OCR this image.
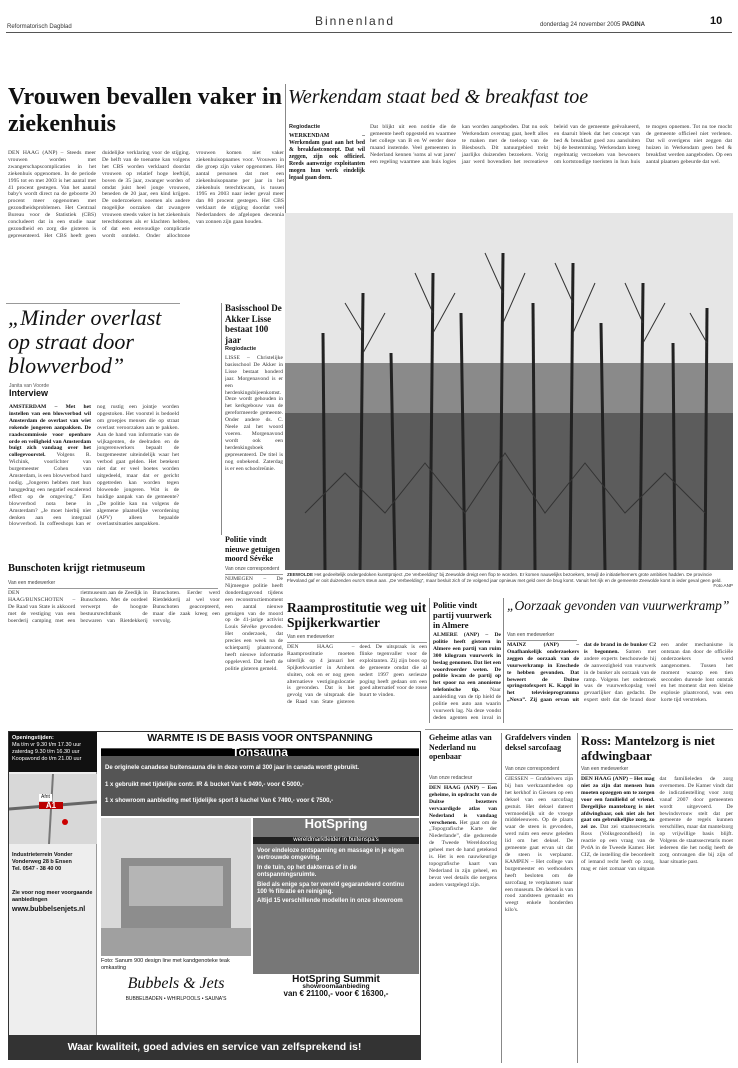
Reformatorisch Dagblad	Binnenland	donderdag 24 november 2005 PAGINA	10
Vrouwen bevallen vaker in ziekenhuis
DEN HAAG (ANP) – Steeds meer vrouwen worden met zwangerschapscomplicaties in het ziekenhuis opgenomen. In de periode 1995 tot en met 2003 is het aantal met 41 procent gestegen. Van het aantal baby's wordt direct na de geboorte 20 procent meer opgenomen met gezondheidsproblemen. Het Centraal Bureau voor de Statistiek (CBS) concludeert dat in een studie naar gezondheid en zorg die gisteren is gepresenteerd. Het CBS heeft geen duidelijke verklaring voor de stijging. De helft van de toename kan volgens het CBS worden verklaard doordat vrouwen op relatief hoge leeftijd, boven de 35 jaar, zwanger worden of omdat juist heel jonge vrouwen, beneden de 20 jaar, een kind krijgen. De onderzoekers noemen als andere mogelijke oorzaken dat zwangere vrouwen steeds vaker in het ziekenhuis terechtkomen als er klachten hebben, of dat een eenvoudige complicatie wordt ontdekt. Onder allochtone vrouwen komen niet vaker ziekenhuisopnames voor. Vrouwen in die groep zijn vaker opgenomen. Het aantal personen dat met een ziekenhuisopname per jaar in het ziekenhuis terechtkwam, is tussen 1995 en 2003 naar ieder geval meer dan 80 procent gestegen. Het CBS verklaart de stijging doordat veel Nederlanders de afgelopen decennia van zonnen zijn gaan houden.
Werkendam staat bed & breakfast toe
Regiodactie
WERKENDAM – Werkendam gaat aan het bed & breakfastconcept. Dat wil zeggen, zijn ook officieel. Reeds aanwezige exploitanten mogen hun werk eindelijk legaal gaan doen.
Dat blijkt uit een notitie die de gemeente heeft opgesteld en waarmee het college van B en W eerder deze maand instemde. Veel gemeenten in Nederland kennen 'soms al wat jaren' een regeling waarmee aan huis logies kan worden aangeboden. Dat nu ook Werkendam overstag gaat, heeft alles te maken met de toeloop van de Biesbosch. Dit natuurgebied trekt jaarlijks duizenden bezoekers. Vorig jaar werd bovendien het recreatieve beleid van de gemeente geëvalueerd, en daaruit bleek dat het concept van bed & breakfast goed zou aansluiten bij de bestemming. Werkendam kreeg regelmatig verzoeken van bewoners om kortstondige toeristen in hun huis te mogen opnemen. Tot nu toe mocht de gemeente officieel niet verlenen. Dat wil overigens niet zeggen dat huizen in Werkendam geen bed & breakfast werden aangeboden. Op een aantal plaatsen gebeurde dat wel.
ZEEWOLDE Het gedeeltelijk ondergedoken kunstproject „De Verbeelding” bij Zeewolde dreigt een flop te worden. Er komen nauwelijks bezoekers, terwijl de initiatiefnemers grote ambities hadden. De provincie Flevoland gaf er ooit duizenden euro's steun aan. „De Verbeelding”, maar besluit zich of ze volgend jaar opnieuw met geld over de brug komt. Vanuit het rijk en de gemeente Zeewolde komt in ieder geval geen geld.
Foto ANP
„Minder overlast op straat door blowverbod”
Janita van Voorde
Interview
AMSTERDAM – Met het instellen van een blowverbod wil Amsterdam de overlast van wiet rokende jongeren aanpakken. De raadscommissie voor openbare orde en veiligheid van Amsterdam buigt zich vandaag over het collegevoorstel. Volgens R. Wichink, voorlichter van burgemeester Cohen van Amsterdam, is een blowverbod hard nodig. „Jongeren hebben met hun hanggedrag een negatief escalerend effect op de omgeving.” Een blowverbod nota bene in Amsterdam? „Je moet hierbij niet denken aan een integraal blowverbod. In coffeeshops kan er nog rustig een jointje worden opgestoken. Het voorstel is bedoeld om groepjes mensen die op straat overlast veroorzaken aan te pakken. Aan de hand van informatie van de wijkagenten, de deelraden en de jongerenwerkers bepaalt de burgemeester uiteindelijk waar het verbod gaat gelden. Het betekent niet dat er veel boetes worden uitgedeeld, maar dat er gericht opgetreden kan worden tegen blowende jongeren. Wat is de huidige aanpak van de gemeente? „De politie kan nu volgens de algemene plaatselijke verordening (APV) alleen bepaalde overlastsituaties aanpakken.
Basisschool De Akker Lisse bestaat 100 jaar
Regiodactie
LISSE – Christelijke basisschool De Akker in Lisse bestaat honderd jaar. Morgenavond is er een herdenkingsbijeenkomst. Deze wordt gehouden in het kerkgebouw van de gereformeerde gemeente. Onder andere ds. C. Neele zal het woord voeren. Morgenavond wordt ook een herdenkingsboek gepresenteerd. De titel is nog onbekend. Zaterdag is er een schoolreünie.
Politie vindt nieuwe getuigen moord Sévéke
Van onze correspondent
NIJMEGEN – De Nijmeegse politie heeft donderdagavond tijdens een reconstructiemoment een aantal nieuwe getuigen van de moord op de 41-jarige activist Louis Sévéke gevonden. Het onderzoek, dat precies een week na de schietpartij plaatsvond, heeft nieuwe informatie opgeleverd. Dat heeft de politie gisteren gemeld.
Bunschoten krijgt rietmuseum
Van een medewerker
DEN HAAG/BUNSCHOTEN – De Raad van State is akkoord met de vestiging van een boerderij camping met een rietmuseum aan de Zeedijk in Bunschoten. Met de oordeel verwerpt de hoogste bestuursrechtbank de bezwaren van Rietdekkerij Bunschoten. Eerder werd Rietdekkerij al wel voor Bunschoten geaccepteerd, maar die zaak kreeg een vervolg.
Raamprostitutie weg uit Spijkerkwartier
Van een medewerker
DEN HAAG – Raamprostitutie moeten uiterlijk op 4 januari het Spijkerkwartier in Arnhem sluiten, ook en er nog geen alternatieve vestigingslocatie is gevonden. Dat is het gevolg van de uitspraak die de Raad van State gisteren deed. De uitspraak is een flinke tegenvaller voor de exploitanten. Zij zijn boos op de gemeente omdat die al sedert 1997 geen serieuze poging heeft gedaan om een goed alternatief voor de rosse buurt te vinden.
Politie vindt partij vuurwerk in Almere
ALMERE (ANP) – De politie heeft gisteren in Almere een partij van ruim 300 kilogram vuurwerk in beslag genomen. Dat liet een woordvoerder weten. De politie kwam de partij op het spoor na een anonieme telefonische tip. Naar aanleiding van de tip hield de politie een auto aan waarin vuurwerk lag. Na deze vondst deden agenten een inval in
„Oorzaak gevonden van vuurwerkramp”
Van een medewerker
MAINZ (ANP) – Onafhankelijk onderzoekers zeggen de oorzaak van de vuurwerkramp in Enschede te hebben gevonden. Dat beweert de Duitse springstofexpert K. Kappl in het televisieprogramma „Nova”. Zij gaan ervan uit dat de brand in de bunker C2 is begonnen. Samen met andere experts beschouwde hij de aanwezigheid van vuurwerk in de bunker als oorzaak van de ramp. Volgens het onderzoek was de vuurwerkopslag veel gevaarlijker dan gedacht. De expert stelt dat de brand door een ander mechanisme is ontstaan dan door de officiële onderzoekers werd aangenomen. Tussen het moment waarop een tien seconden durende lont ontstak en het moment dat een kleine explosie plaatsvond, was een korte tijd verstreken.
Geheime atlas van Nederland nu openbaar
Van onze redacteur
DEN HAAG (ANP) – Een geheime, in opdracht van de Duitse bezetters vervaardigde atlas van Nederland is vandaag verschenen. Het gaat om de „Topografische Karte der Niederlande”, die gedurende de Tweede Wereldoorlog geheel met de hand getekend is. Het is een nauwkeurige topografische kaart van Nederland in zijn geheel, en bevat veel details die nergens anders vastgelegd zijn.
Grafdelvers vinden deksel sarcofaag
Van onze correspondent
GIESSEN – Grafdelvers zijn bij hun werkzaamheden op het kerkhof in Giessen op een deksel van een sarcofaag gestuit. Het deksel dateert vermoedelijk uit de vroege middeleeuwen. Op de plaats waar de steen is gevonden, werd ruim een eeuw geleden lid om het deksel. De gemeente gaat ervan uit dat de steen is verplaatst. KAMPEN – Het college van burgemeester en wethouders heeft besloten om de sarcofaag te verplaatsen naar een museum. De deksel is van rood zandsteen gemaakt en weegt enkele honderden kilo's.
Ross: Mantelzorg is niet afdwingbaar
Van een medewerker
DEN HAAG (ANP) – Het mag niet zo zijn dat mensen hun moeten opzeggen om te zorgen voor een familielid of vriend. Dergelijke mantelzorg is niet afdwingbaar, ook niet als het gaat om gebruikelijke zorg, zo zei ze. Dat zei staatssecretaris Ross (Volksgezondheid) in reactie op een vraag van de PvdA in de Tweede Kamer. Het CIZ, de instelling die beoordeelt of iemand recht heeft op zorg, mag er niet zomaar van uitgaan dat familieleden de zorg overnemen. De Kamer vindt dat de indicatiestelling voor zorg vanaf 2007 door gemeenten wordt uitgevoerd. De bewindsvrouw stelt dat per gemeente de regels kunnen verschillen, maar dat mantelzorg op vrijwillige basis blijft. Volgens de staatssecretaris moet iedereen die het nodig heeft de zorg ontvangen die bij zijn of haar situatie past.
Openingstijden:
Ma t/m vr 9.30 t/m 17.30 uur
zaterdag 9.30 t/m 16.30 uur
Koopavond do t/m 21.00 uur
Afrit
A1
Industrieterrein Vonder
Vonderweg 28 b Ensen
Tel. 0547 - 38 40 00
Zie voor nog meer voorgaande aanbiedingen
www.bubbelsenjets.nl
WARMTE IS DE BASIS VOOR ONTSPANNING
Tonsauna
De originele canadese buitensauna die in deze vorm al 300 jaar in canada wordt gebruikt.
1 x gebruikt met tijdelijke contr. IR & bucket Van € 9490,- voor € 5000,-
1 x showroom aanbieding met tijdelijke sport 8 kachel Van € 7490,- voor € 7500,-
Foto: Sanum 900 design line met kandgenoteke teak omkasting
HotSpring
wereldmarktleider in buitenspa's
Voor eindeloze ontspanning en massage in je eigen vertrouwde omgeving.
In de tuin, op het dakterras of in de ontspanningsruimte.
Bied als enige spa ter wereld gegarandeerd continu 100 % filtratie en reiniging.
Altijd 15 verschillende modellen in onze showroom
HotSpring Summit
showroomaanbieding
van € 21100,- voor € 16300,-
Bubbels & Jets
BUBBELBADEN • WHIRLPOOLS • SAUNA'S
Waar kwaliteit, goed advies en service van zelfsprekend is!
